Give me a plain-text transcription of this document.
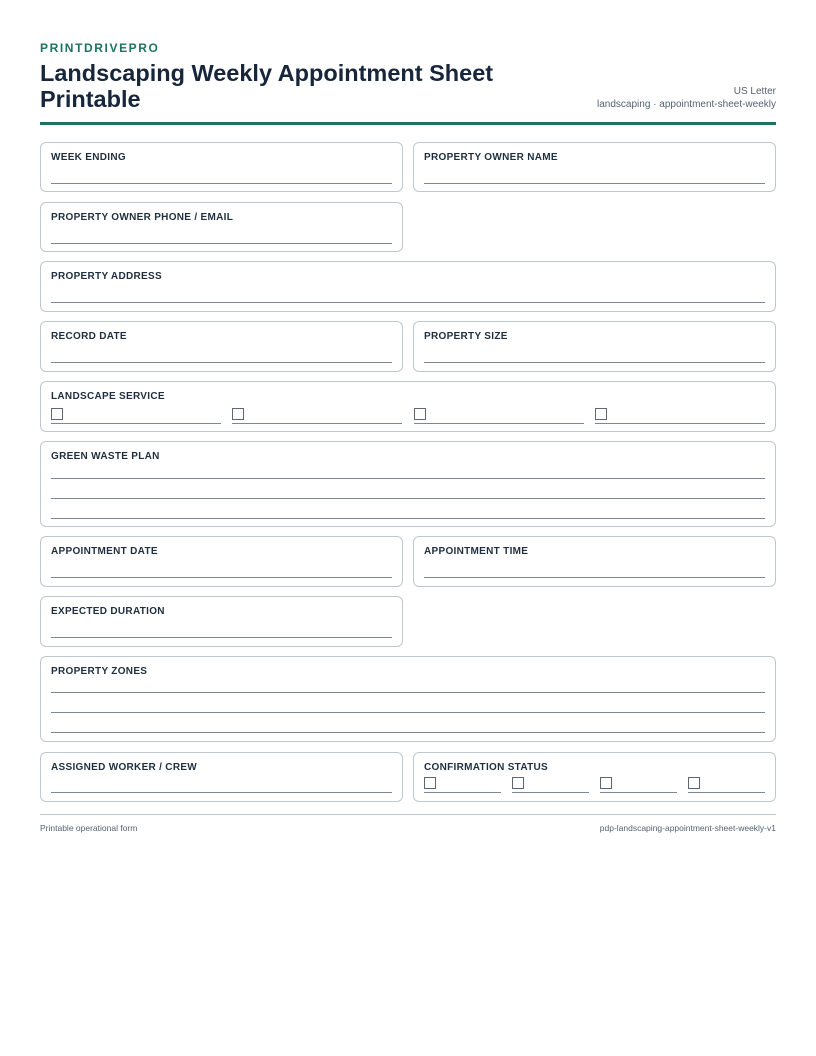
PRINTDRIVEPRO
Landscaping Weekly Appointment Sheet Printable	US Letter
landscaping · appointment-sheet-weekly
WEEK ENDING	PROPERTY OWNER NAME
PROPERTY OWNER PHONE / EMAIL
PROPERTY ADDRESS
RECORD DATE	PROPERTY SIZE
LANDSCAPE SERVICE
GREEN WASTE PLAN
APPOINTMENT DATE	APPOINTMENT TIME
EXPECTED DURATION
PROPERTY ZONES
ASSIGNED WORKER / CREW	CONFIRMATION STATUS
Printable operational form	pdp-landscaping-appointment-sheet-weekly-v1
